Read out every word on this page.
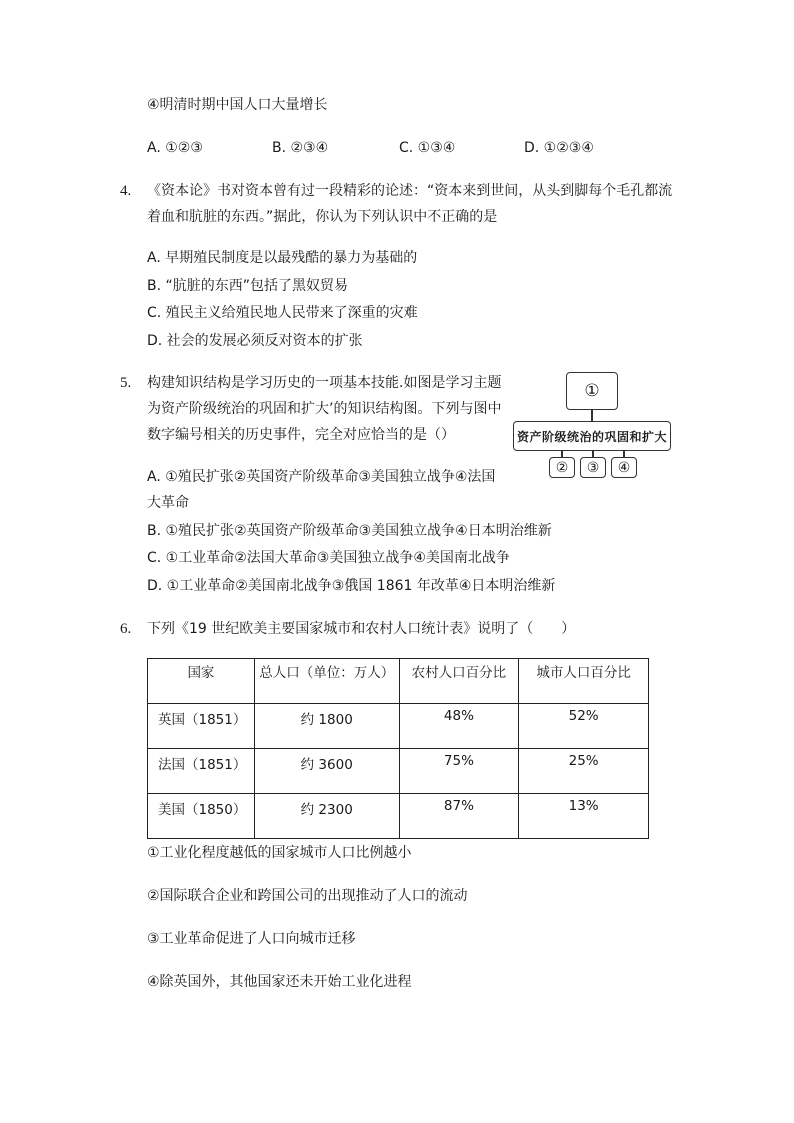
④明清时期中国人口大量增长
A. ①②③	B. ②③④	C. ①③④	D. ①②③④
4. 《资本论》书对资本曾有过一段精彩的论述：“资本来到世间，从头到脚每个毛孔都流
着血和肮脏的东西。”据此，你认为下列认识中不正确的是
A. 早期殖民制度是以最残酷的暴力为基础的
B. “肮脏的东西”包括了黑奴贸易
C. 殖民主义给殖民地人民带来了深重的灾难
D. 社会的发展必须反对资本的扩张
5. 构建知识结构是学习历史的一项基本技能.如图是学习主题
为资产阶级统治的巩固和扩大’的知识结构图。下列与图中
数字编号相关的历史事件，完全对应恰当的是（）
A. ①殖民扩张②英国资产阶级革命③美国独立战争④法国
大革命
B. ①殖民扩张②英国资产阶级革命③美国独立战争④日本明治维新
C. ①工业革命②法国大革命③美国独立战争④美国南北战争
D. ①工业革命②美国南北战争③俄国 1861 年改革④日本明治维新
①
资产阶级统治的巩固和扩大
②	③	④
6. 下列《19 世纪欧美主要国家城市和农村人口统计表》说明了（　　）
国家	总人口（单位：万人）	农村人口百分比	城市人口百分比
英国（1851）	约 1800	48%	52%
法国（1851）	约 3600	75%	25%
美国（1850）	约 2300	87%	13%
①工业化程度越低的国家城市人口比例越小
②国际联合企业和跨国公司的出现推动了人口的流动
③工业革命促进了人口向城市迁移
④除英国外，其他国家还未开始工业化进程
